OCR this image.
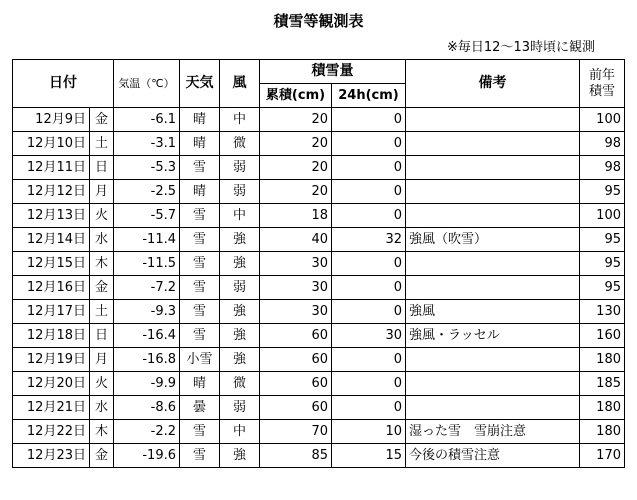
積雪等観測表
※毎日12～13時頃に観測
日付		気温（℃）	天気	風	積雪量		備考	前年
積雪

					累積(cm)	24h(cm)		
12月9日	金	-6.1	晴	中	20	0		100
12月10日	土	-3.1	晴	微	20	0		98
12月11日	日	-5.3	雪	弱	20	0		98
12月12日	月	-2.5	晴	弱	20	0		95
12月13日	火	-5.7	雪	中	18	0		100
12月14日	水	-11.4	雪	強	40	32	強風（吹雪）	95
12月15日	木	-11.5	雪	強	30	0		95
12月16日	金	-7.2	雪	弱	30	0		95
12月17日	土	-9.3	雪	強	30	0	強風	130
12月18日	日	-16.4	雪	強	60	30	強風・ラッセル	160
12月19日	月	-16.8	小雪	強	60	0		180
12月20日	火	-9.9	晴	微	60	0		185
12月21日	水	-8.6	曇	弱	60	0		180
12月22日	木	-2.2	雪	中	70	10	湿った雪　雪崩注意	180
12月23日	金	-19.6	雪	強	85	15	今後の積雪注意	170
